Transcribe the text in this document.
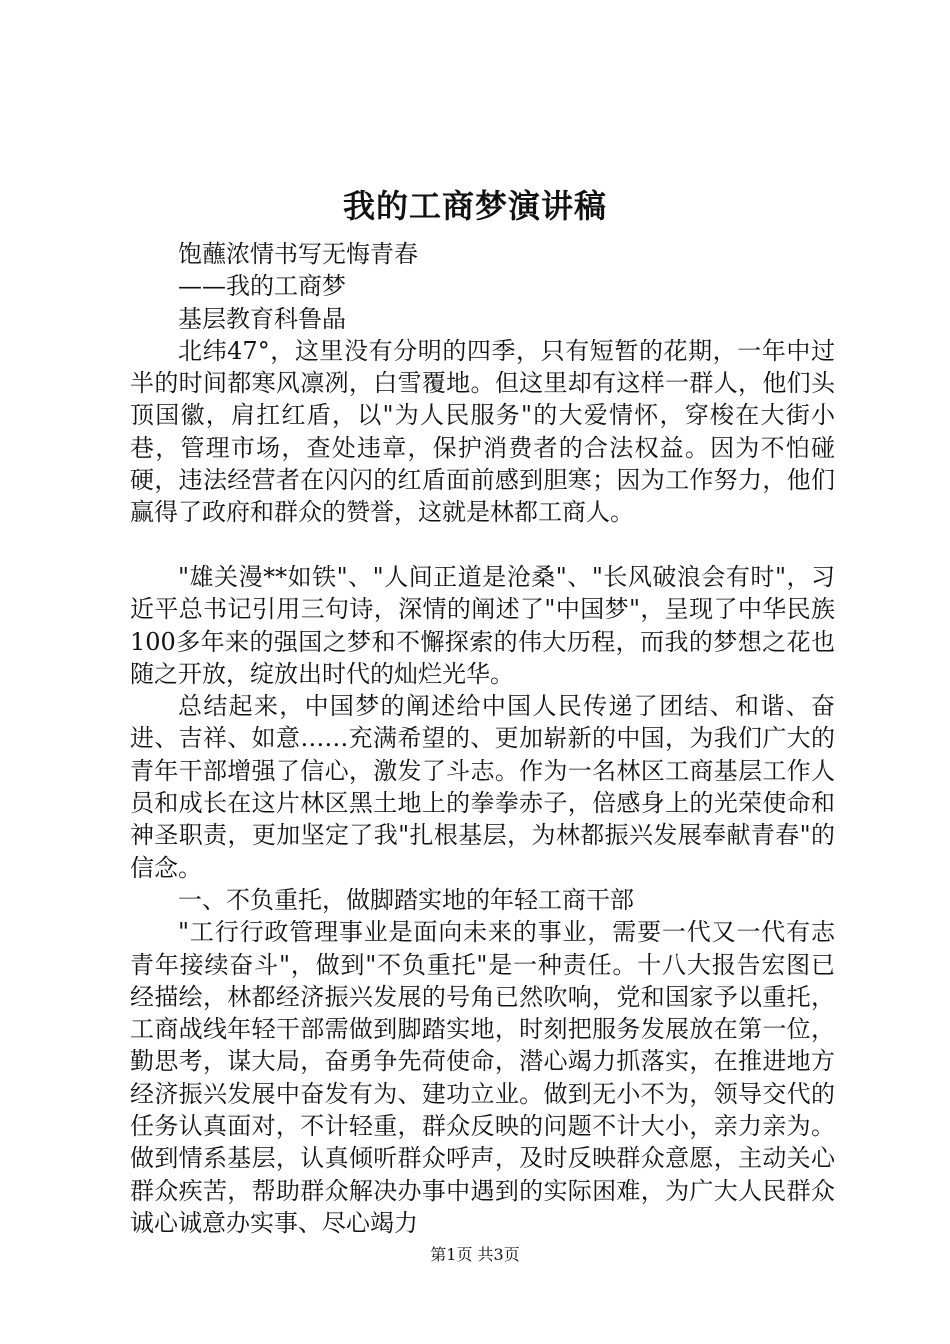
我的工商梦演讲稿

饱蘸浓情书写无悔青春

——我的工商梦

基层教育科鲁晶

北纬47°，这里没有分明的四季，只有短暂的花期，一年中过半的时间都寒风凛冽，白雪覆地。但这里却有这样一群人，他们头顶国徽，肩扛红盾，以"为人民服务"的大爱情怀，穿梭在大街小巷，管理市场，查处违章，保护消费者的合法权益。因为不怕碰硬，违法经营者在闪闪的红盾面前感到胆寒；因为工作努力，他们赢得了政府和群众的赞誉，这就是林都工商人。

"雄关漫**如铁"、"人间正道是沧桑"、"长风破浪会有时"，习近平总书记引用三句诗，深情的阐述了"中国梦"，呈现了中华民族100多年来的强国之梦和不懈探索的伟大历程，而我的梦想之花也随之开放，绽放出时代的灿烂光华。

总结起来，中国梦的阐述给中国人民传递了团结、和谐、奋进、吉祥、如意……充满希望的、更加崭新的中国，为我们广大的青年干部增强了信心，激发了斗志。作为一名林区工商基层工作人员和成长在这片林区黑土地上的拳拳赤子，倍感身上的光荣使命和神圣职责，更加坚定了我"扎根基层，为林都振兴发展奉献青春"的信念。

一、不负重托，做脚踏实地的年轻工商干部

"工行行政管理事业是面向未来的事业，需要一代又一代有志青年接续奋斗"，做到"不负重托"是一种责任。十八大报告宏图已经描绘，林都经济振兴发展的号角已然吹响，党和国家予以重托，工商战线年轻干部需做到脚踏实地，时刻把服务发展放在第一位，勤思考，谋大局，奋勇争先荷使命，潜心竭力抓落实，在推进地方经济振兴发展中奋发有为、建功立业。做到无小不为，领导交代的任务认真面对，不计轻重，群众反映的问题不计大小，亲力亲为。做到情系基层，认真倾听群众呼声，及时反映群众意愿，主动关心群众疾苦，帮助群众解决办事中遇到的实际困难，为广大人民群众诚心诚意办实事、尽心竭力

第1页 共3页
